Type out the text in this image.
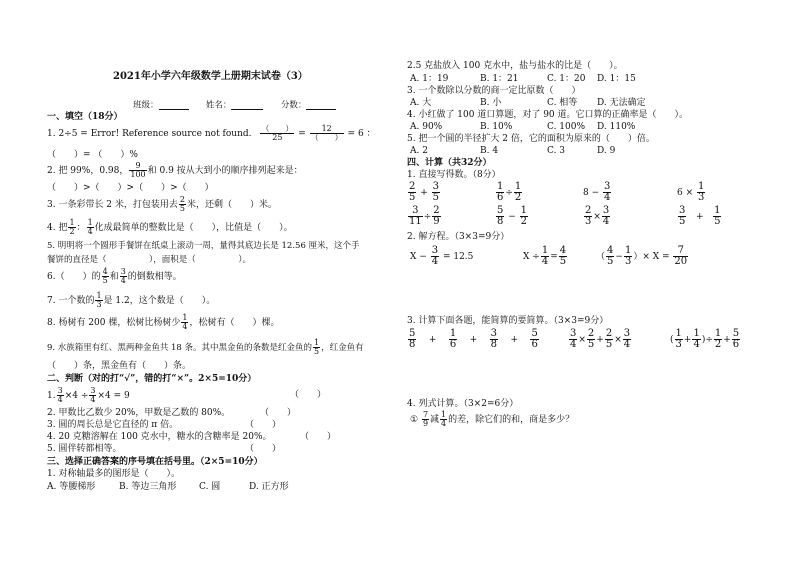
2021年小学六年级数学上册期末试卷（3）
班级：	姓名：	分数：
一、填空（18分）
1. 2÷5 = Error! Reference source not found. $\frac{( )}{25} = \frac{12}{( )} = 6$ ：
（　　）= （　　）%
2. 把 99%，0.98， $\frac{9}{100}$ 和 0.9 按从大到小的顺序排列起来是：
（　　）>（　　）>（　　）>（　　）
3. 一条彩带长 2 米，打包装用去 $\frac{2}{5}$ 米，还剩（　　）米。
4. 把 $\frac{1}{2}$ ： $\frac{1}{4}$ 化成最简单的整数比是（　　），比值是（　　）。
5. 明明将一个圆形手餐饼在纸桌上滚动一周，量得其底边长是 12.56 厘米，这个手
餐饼的直径是（　　　　　），面积是（　　　　　）。
6.（　　）的 $\frac{4}{5}$ 和 $\frac{3}{4}$ 的倒数相等。
7. 一个数的 $\frac{1}{3}$ 是 1.2，这个数是（　　）。
8. 杨树有 200 棵，松树比杨树少 $\frac{1}{4}$ ，松树有（　　）棵。
9. 水族箱里有红、黑两种金鱼共 18 条。其中黑金鱼的条数是红金鱼的 $\frac{1}{5}$ ，红金鱼有
（　　）条，黑金鱼有（　　）条。
二、判断（对的打“√”，错的打“×”。2×5=10分）
1. $\frac{3}{4} \times 4 \div \frac{3}{4} \times 4 = 9$	（　　）
2. 甲数比乙数少 20%，甲数是乙数的 80%。	（　　）
3. 圆的周长总是它直径的 π 倍。	（　　）
4. 20 克糖溶解在 100 克水中，糖水的含糖率是 20%。	（　　）
5. 圆伴转都相等。	（　　）
三、选择正确答案的序号填在括号里。（2×5=10分）
1. 对称轴最多的图形是（　　）。
A. 等腰梯形	B. 等边三角形	C. 圆	D. 正方形
2.5 克盐放入 100 克水中，盐与盐水的比是（　　）。
A. 1：19	B. 1：21	C. 1：20 D. 1：15
3. 一个数除以分数的商一定比原数（　　）
A. 大	B. 小	C. 相等 D. 无法确定
4. 小红做了 100 道口算题，对了 90 道。它口算的正确率是（　　）。
A. 90%	B. 10%	C. 100% D. 110%
5. 把一个圆的半径扩大 2 倍，它的面积为原来的（　　）倍。
A. 2	B. 4	C. 3	D. 9
四、计算（共32分）
1. 直接写得数。（8分）
$\frac{2}{5} + \frac{3}{5}$	$\frac{1}{6} \div \frac{1}{2}$	$8 - \frac{3}{4}$	$6 \times \frac{1}{3}$
$\frac{3}{11} \div \frac{2}{9}$	$\frac{5}{8} - \frac{1}{2}$	$\frac{2}{3} \times \frac{3}{4}$	$\frac{3}{5} + \frac{1}{5}$
2. 解方程。（3×3=9分）
$X - \frac{3}{4} = 12.5$	$X \div \frac{1}{4} = \frac{4}{5}$	（ $\frac{4}{5} - \frac{1}{3}$ ）× $X = \frac{7}{20}$
3. 计算下面各题，能简算的要简算。（3×3=9分）
$\frac{5}{8} + \frac{1}{6} + \frac{3}{8} + \frac{5}{6}$	$\frac{3}{4} \times \frac{2}{5} + \frac{2}{5} \times \frac{3}{4}$	( $\frac{1}{3} + \frac{1}{4}$ )÷ $\frac{1}{2} + \frac{5}{6}$
4. 列式计算。（3×2=6分）
① $\frac{7}{9}$ 减 $\frac{1}{4}$ 的差，除它们的和，商是多少？
